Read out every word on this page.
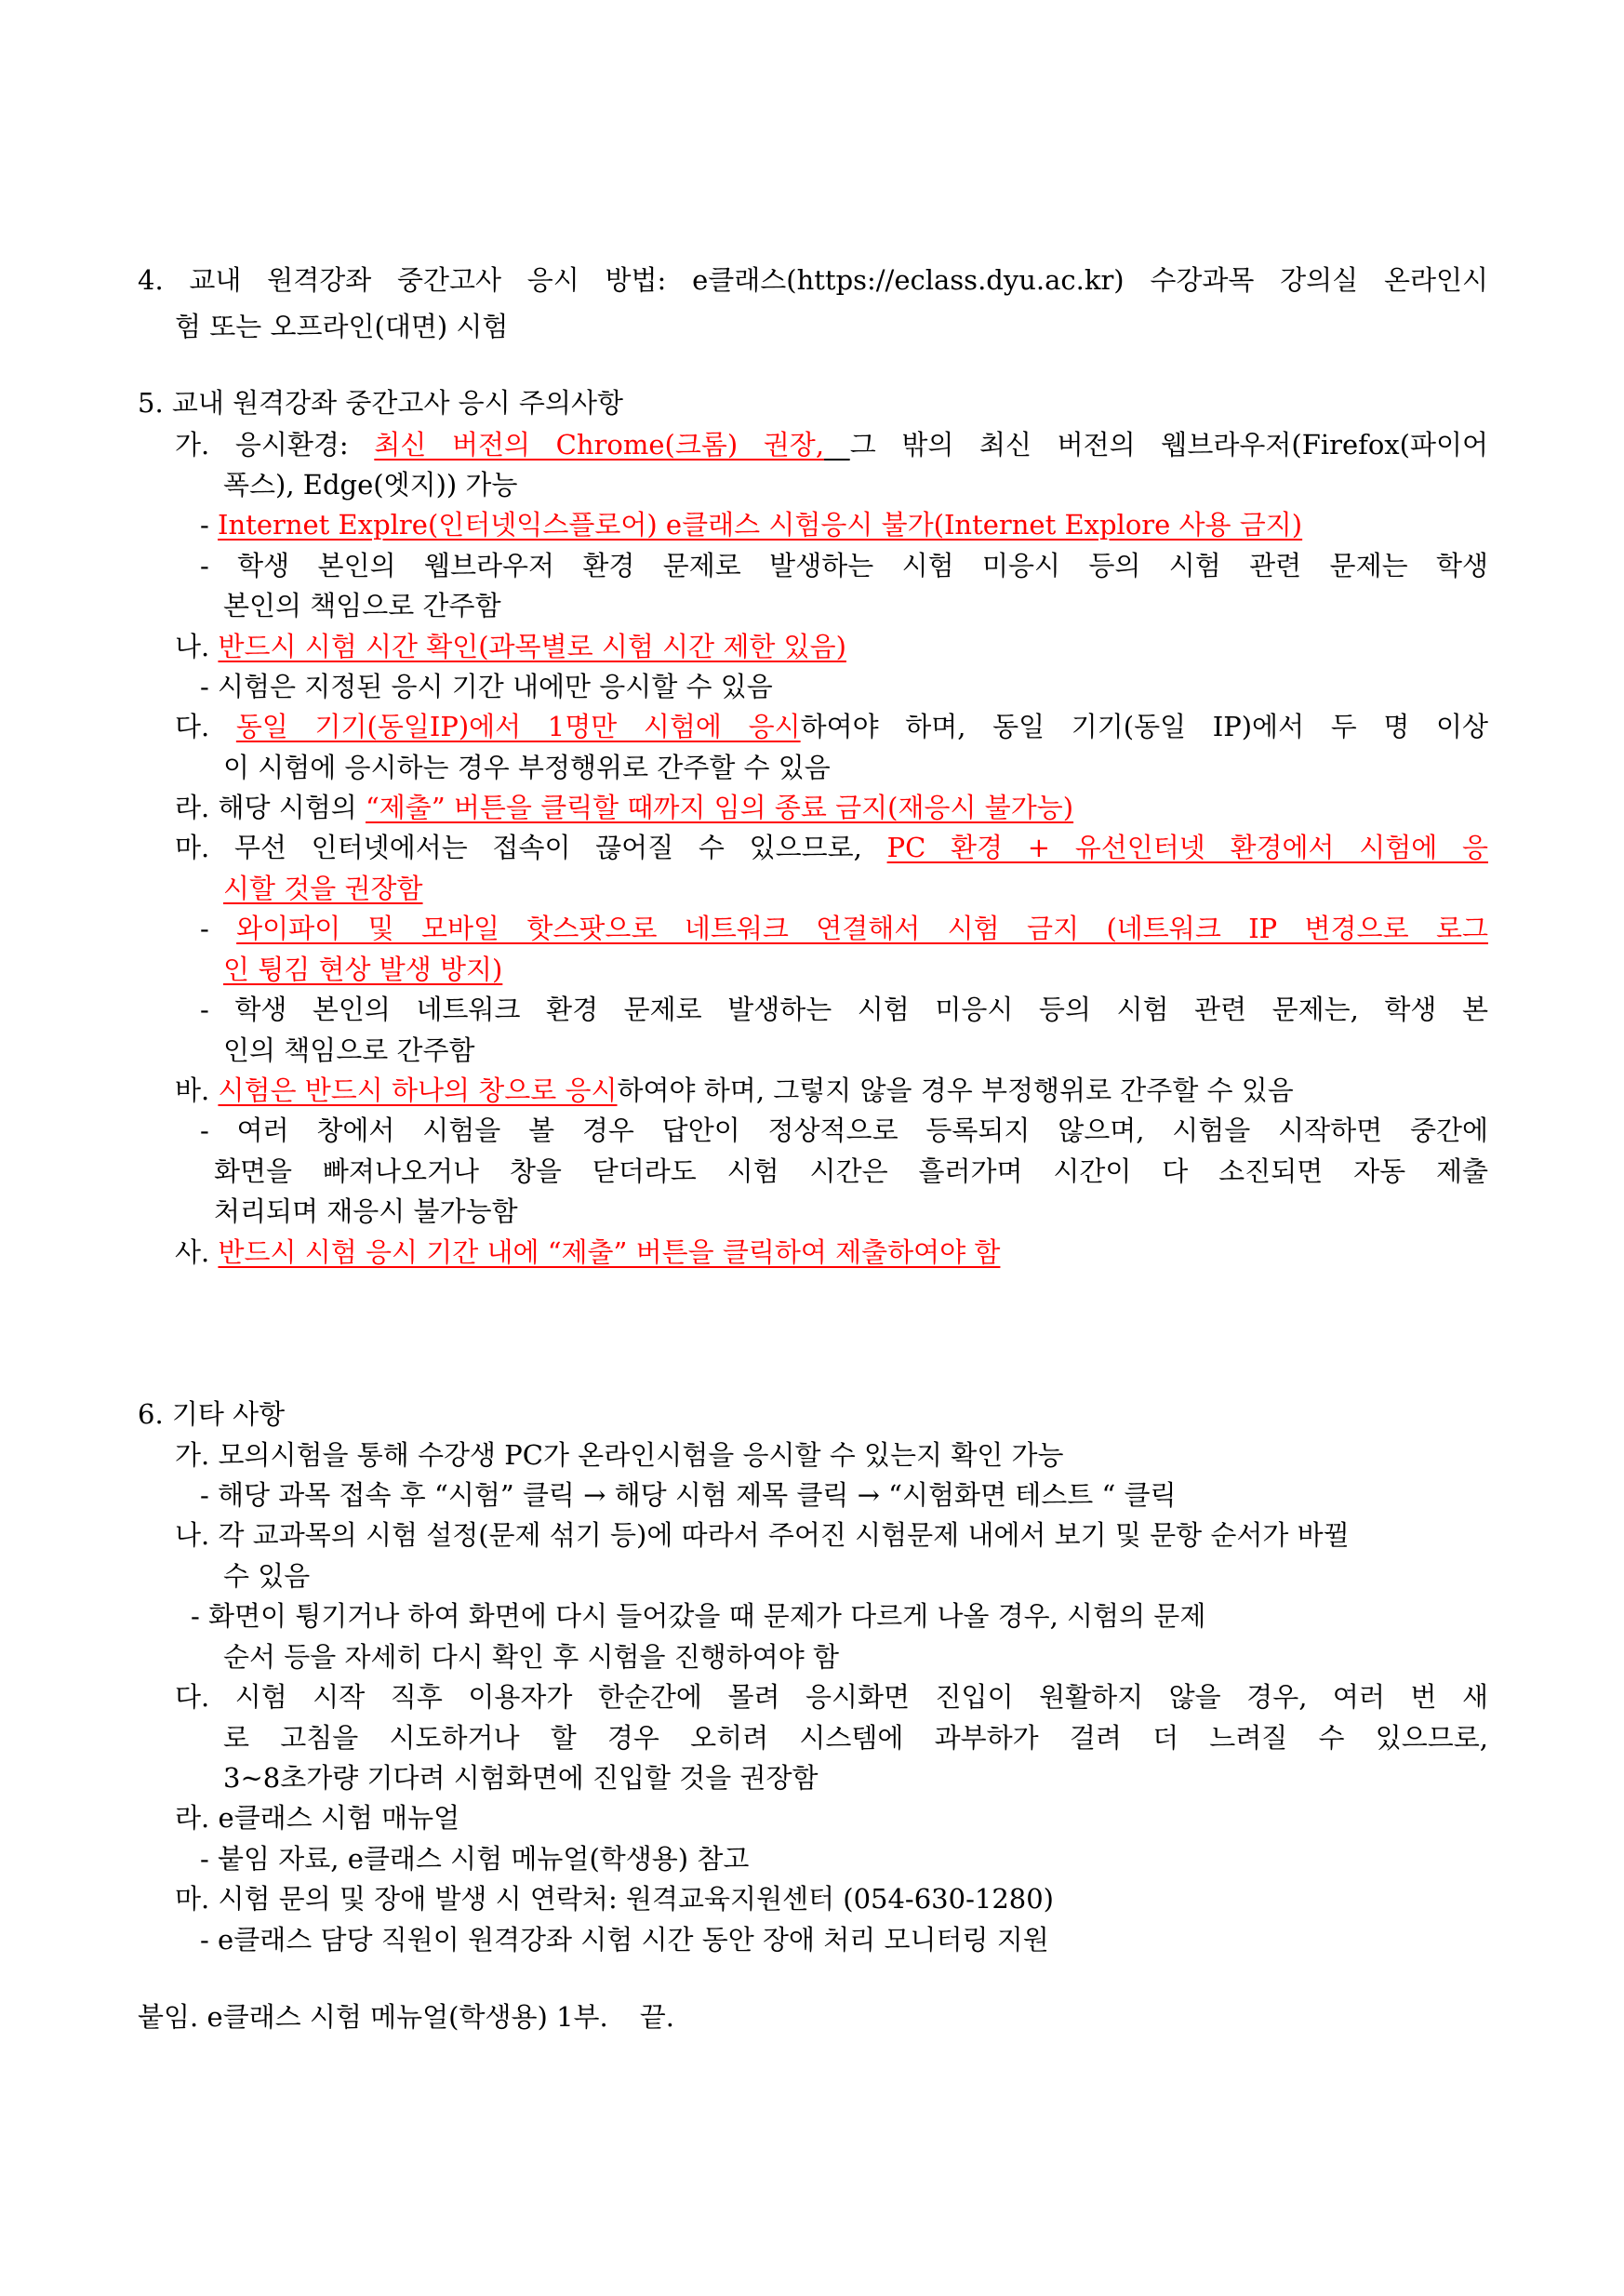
4. 교내 원격강좌 중간고사 응시 방법: e클래스(https://eclass.dyu.ac.kr) 수강과목 강의실 온라인시
험 또는 오프라인(대면) 시험
5. 교내 원격강좌 중간고사 응시 주의사항
가. 응시환경: 최신 버전의 Chrome(크롬) 권장, 그 밖의 최신 버전의 웹브라우저(Firefox(파이어
폭스), Edge(엣지)) 가능
- Internet Explre(인터넷익스플로어) e클래스 시험응시 불가(Internet Explore 사용 금지)
- 학생 본인의 웹브라우저 환경 문제로 발생하는 시험 미응시 등의 시험 관련 문제는 학생
본인의 책임으로 간주함
나. 반드시 시험 시간 확인(과목별로 시험 시간 제한 있음)
- 시험은 지정된 응시 기간 내에만 응시할 수 있음
다. 동일 기기(동일IP)에서 1명만 시험에 응시하여야 하며, 동일 기기(동일 IP)에서 두 명 이상
이 시험에 응시하는 경우 부정행위로 간주할 수 있음
라. 해당 시험의 “제출” 버튼을 클릭할 때까지 임의 종료 금지(재응시 불가능)
마. 무선 인터넷에서는 접속이 끊어질 수 있으므로, PC 환경 + 유선인터넷 환경에서 시험에 응
시할 것을 권장함
- 와이파이 및 모바일 핫스팟으로 네트워크 연결해서 시험 금지 (네트워크 IP 변경으로 로그
인 튕김 현상 발생 방지)
- 학생 본인의 네트워크 환경 문제로 발생하는 시험 미응시 등의 시험 관련 문제는, 학생 본
인의 책임으로 간주함
바. 시험은 반드시 하나의 창으로 응시하여야 하며, 그렇지 않을 경우 부정행위로 간주할 수 있음
- 여러 창에서 시험을 볼 경우 답안이 정상적으로 등록되지 않으며, 시험을 시작하면 중간에
화면을 빠져나오거나 창을 닫더라도 시험 시간은 흘러가며 시간이 다 소진되면 자동 제출
처리되며 재응시 불가능함
사. 반드시 시험 응시 기간 내에 “제출” 버튼을 클릭하여 제출하여야 함
6. 기타 사항
가. 모의시험을 통해 수강생 PC가 온라인시험을 응시할 수 있는지 확인 가능
- 해당 과목 접속 후 “시험” 클릭 → 해당 시험 제목 클릭 → “시험화면 테스트 “ 클릭
나. 각 교과목의 시험 설정(문제 섞기 등)에 따라서 주어진 시험문제 내에서 보기 및 문항 순서가 바뀔
수 있음
- 화면이 튕기거나 하여 화면에 다시 들어갔을 때 문제가 다르게 나올 경우, 시험의 문제
순서 등을 자세히 다시 확인 후 시험을 진행하여야 함
다. 시험 시작 직후 이용자가 한순간에 몰려 응시화면 진입이 원활하지 않을 경우, 여러 번 새
로 고침을 시도하거나 할 경우 오히려 시스템에 과부하가 걸려 더 느려질 수 있으므로,
3~8초가량 기다려 시험화면에 진입할 것을 권장함
라. e클래스 시험 매뉴얼
- 붙임 자료, e클래스 시험 메뉴얼(학생용) 참고
마. 시험 문의 및 장애 발생 시 연락처: 원격교육지원센터 (054-630-1280)
- e클래스 담당 직원이 원격강좌 시험 시간 동안 장애 처리 모니터링 지원
붙임. e클래스 시험 메뉴얼(학생용) 1부. 끝.
